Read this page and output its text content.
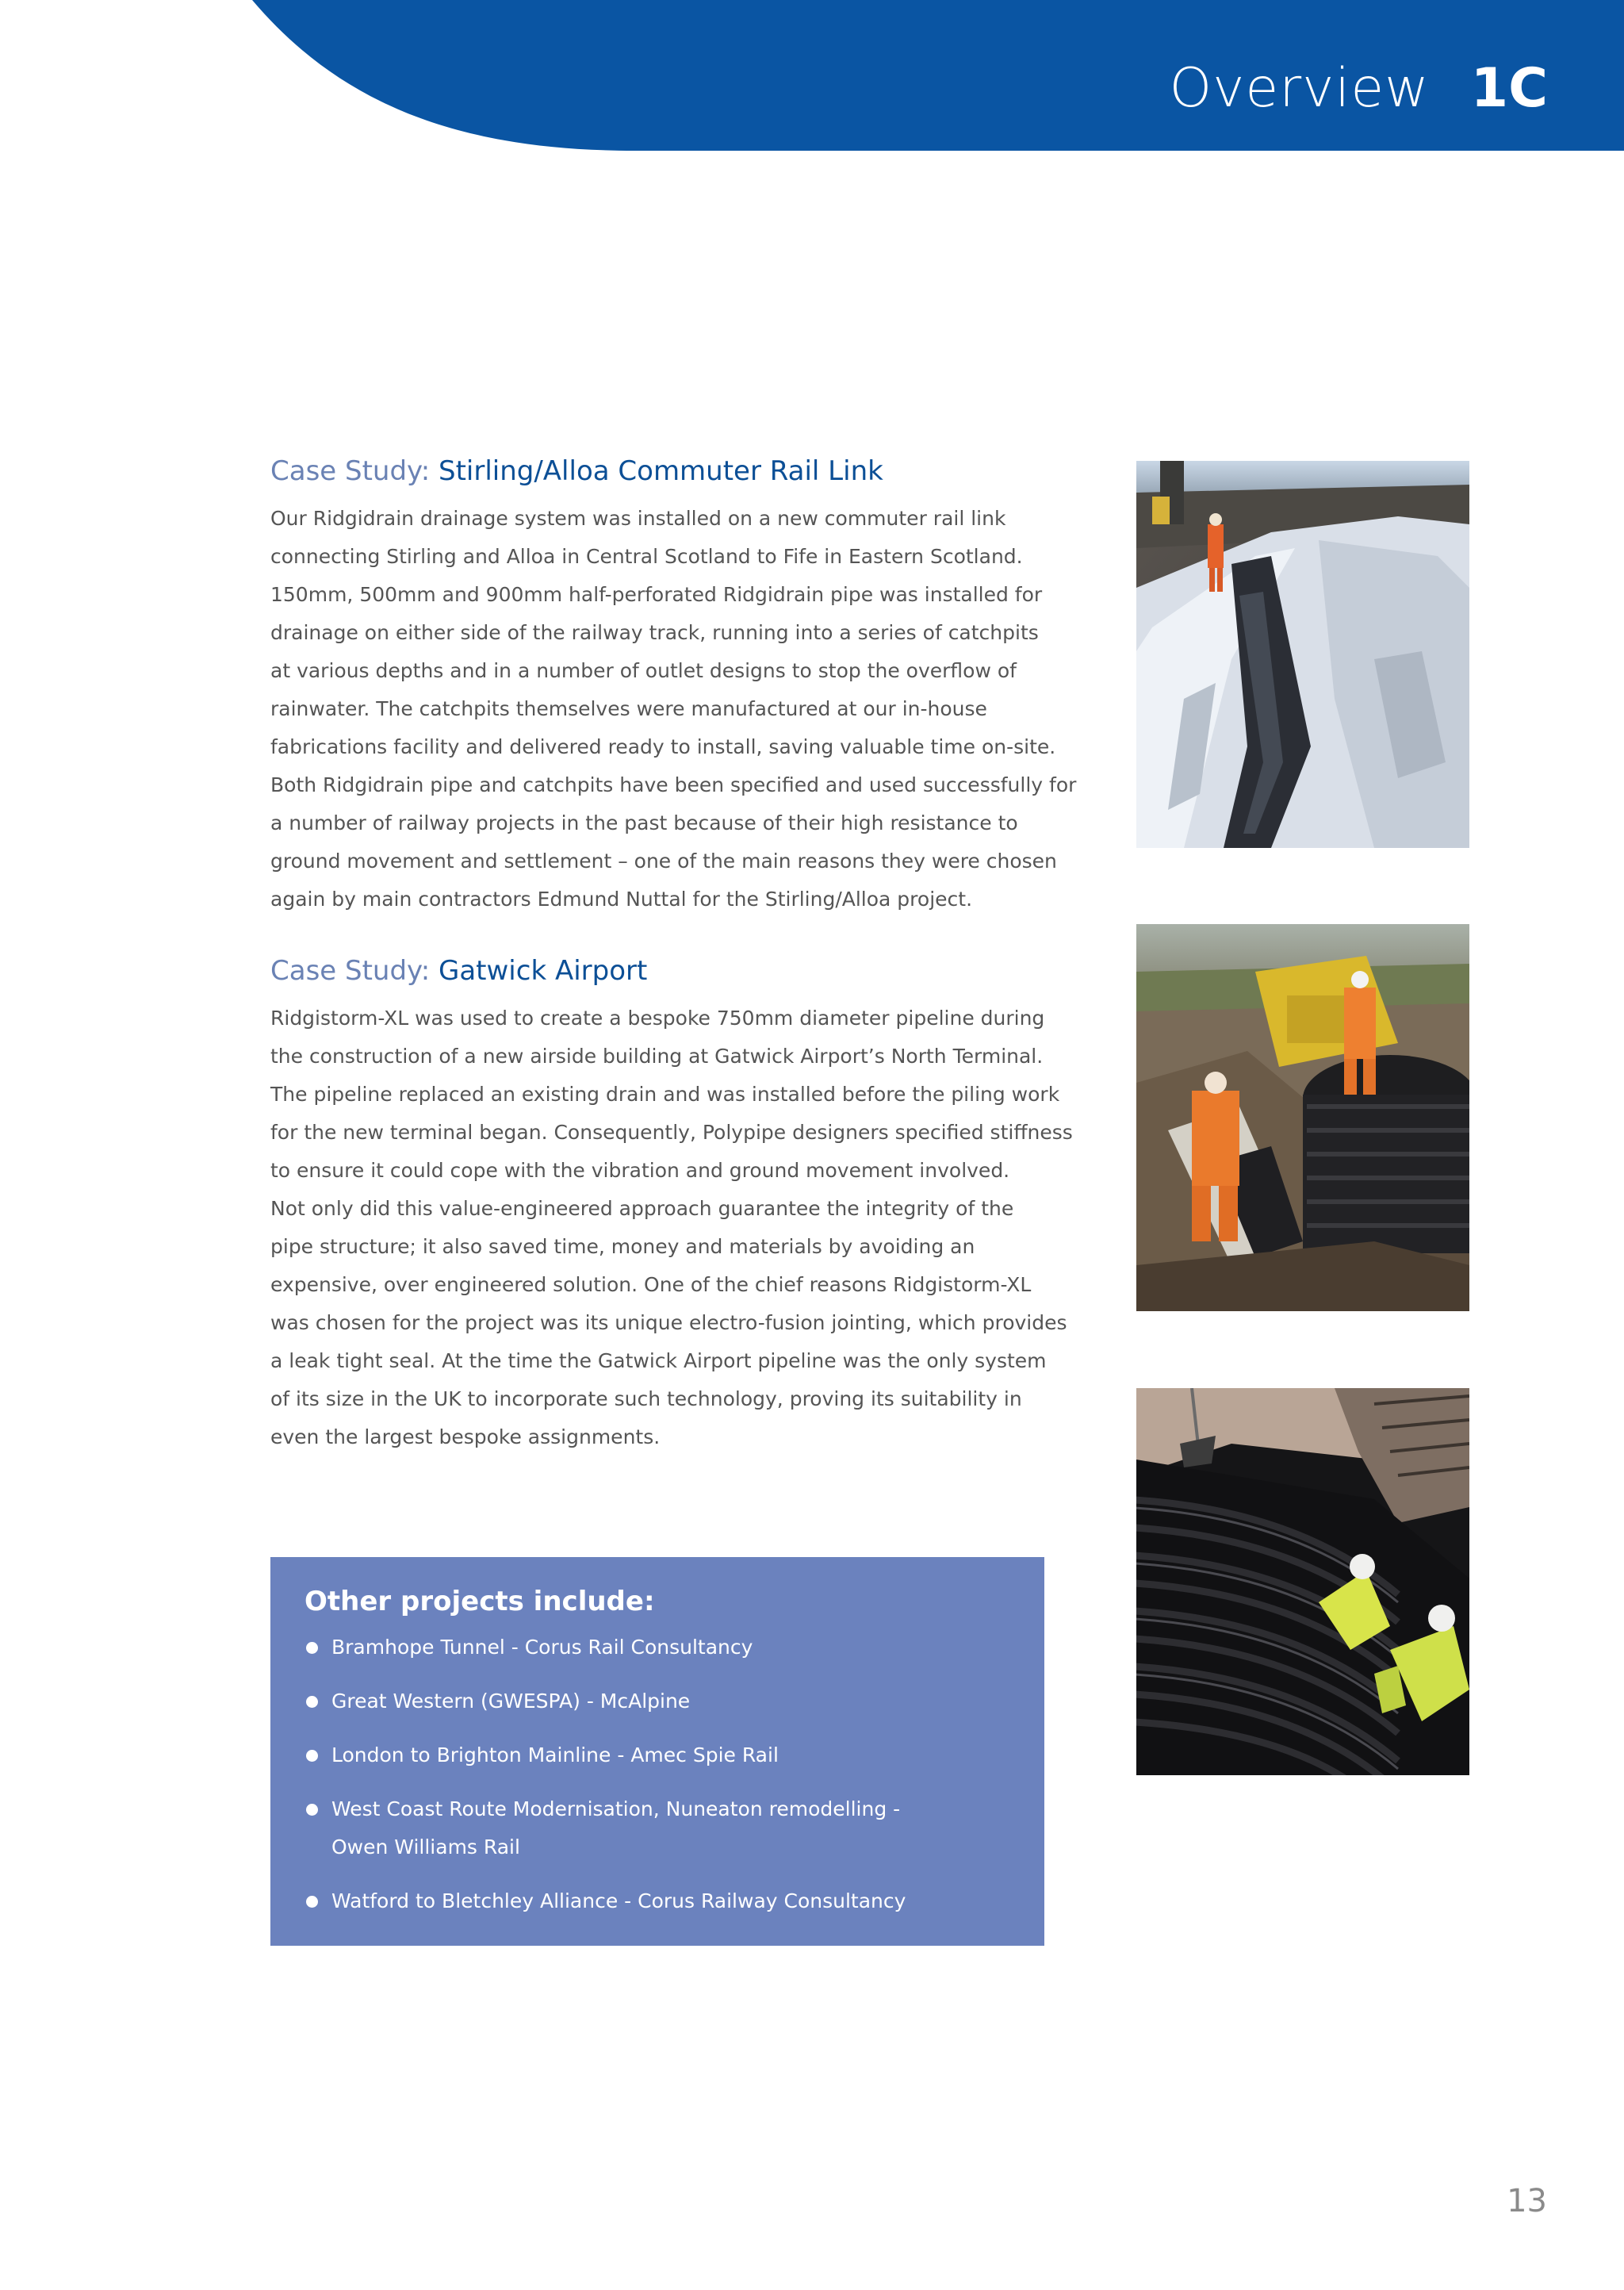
Overview 1C
Case Study: Stirling/Alloa Commuter Rail Link

Our Ridgidrain drainage system was installed on a new commuter rail link
connecting Stirling and Alloa in Central Scotland to Fife in Eastern Scotland.
150mm, 500mm and 900mm half-perforated Ridgidrain pipe was installed for
drainage on either side of the railway track, running into a series of catchpits
at various depths and in a number of outlet designs to stop the overflow of
rainwater. The catchpits themselves were manufactured at our in-house
fabrications facility and delivered ready to install, saving valuable time on-site.
Both Ridgidrain pipe and catchpits have been specified and used successfully for
a number of railway projects in the past because of their high resistance to
ground movement and settlement – one of the main reasons they were chosen
again by main contractors Edmund Nuttal for the Stirling/Alloa project.

Case Study: Gatwick Airport

Ridgistorm-XL was used to create a bespoke 750mm diameter pipeline during
the construction of a new airside building at Gatwick Airport’s North Terminal.
The pipeline replaced an existing drain and was installed before the piling work
for the new terminal began. Consequently, Polypipe designers specified stiffness
to ensure it could cope with the vibration and ground movement involved.
Not only did this value-engineered approach guarantee the integrity of the
pipe structure; it also saved time, money and materials by avoiding an
expensive, over engineered solution. One of the chief reasons Ridgistorm-XL
was chosen for the project was its unique electro-fusion jointing, which provides
a leak tight seal. At the time the Gatwick Airport pipeline was the only system
of its size in the UK to incorporate such technology, proving its suitability in
even the largest bespoke assignments.

Other projects include:
Bramhope Tunnel - Corus Rail Consultancy
Great Western (GWESPA) - McAlpine
London to Brighton Mainline - Amec Spie Rail
West Coast Route Modernisation, Nuneaton remodelling -
Owen Williams Rail
Watford to Bletchley Alliance - Corus Railway Consultancy
13
